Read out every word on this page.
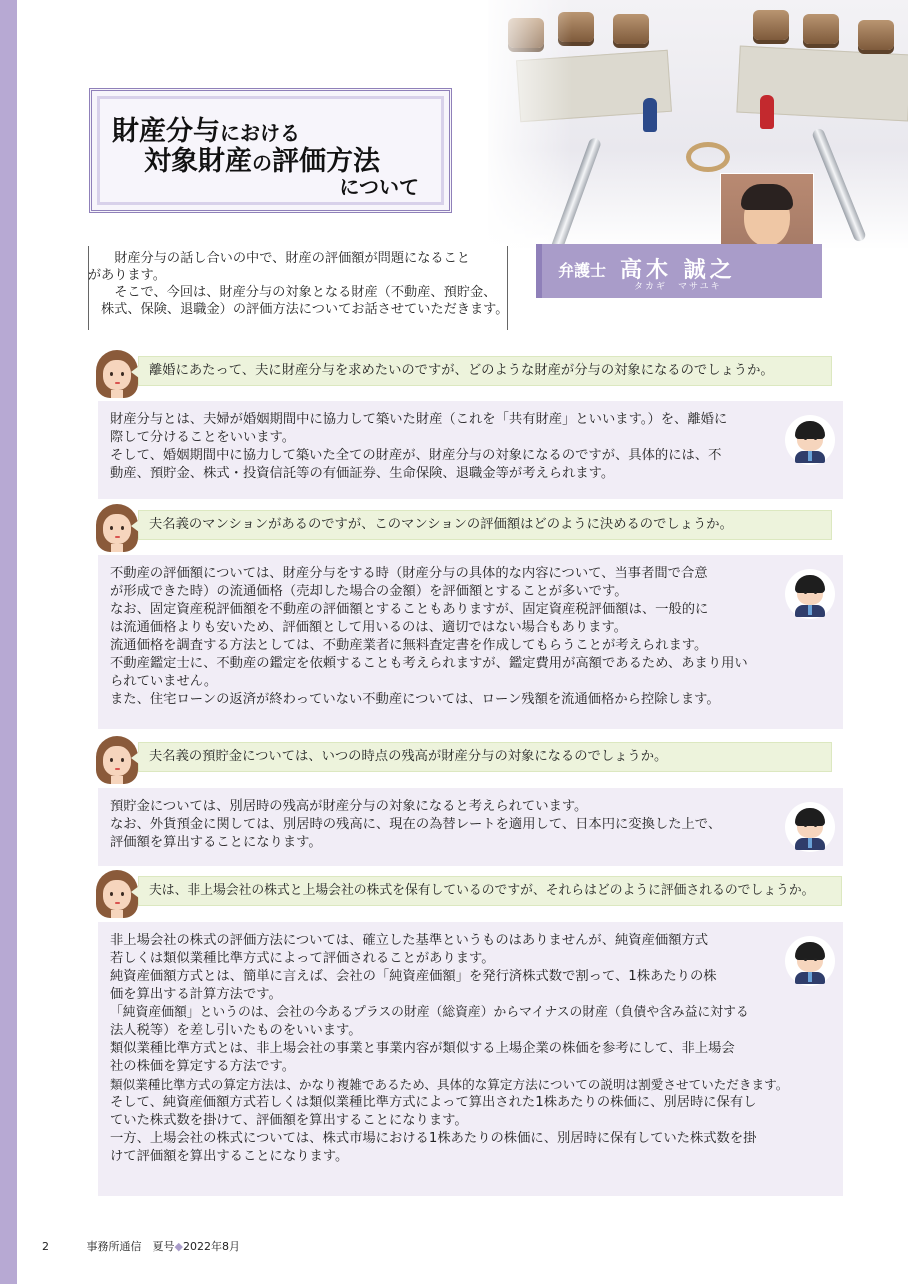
弁護士 高木 誠之
タカギ　マサユキ
財産分与における
対象財産の評価方法
について

財産分与の話し合いの中で、財産の評価額が問題になること
があります。

そこで、今回は、財産分与の対象となる財産（不動産、預貯金、
株式、保険、退職金）の評価方法についてお話させていただきます。

離婚にあたって、夫に財産分与を求めたいのですが、どのような財産が分与の対象になるのでしょうか。
財産分与とは、夫婦が婚姻期間中に協力して築いた財産（これを「共有財産」といいます。）を、離婚に
際して分けることをいいます。
そして、婚姻期間中に協力して築いた全ての財産が、財産分与の対象になるのですが、具体的には、不
動産、預貯金、株式・投資信託等の有価証券、生命保険、退職金等が考えられます。
夫名義のマンションがあるのですが、このマンションの評価額はどのように決めるのでしょうか。
不動産の評価額については、財産分与をする時（財産分与の具体的な内容について、当事者間で合意
が形成できた時）の流通価格（売却した場合の金額）を評価額とすることが多いです。
なお、固定資産税評価額を不動産の評価額とすることもありますが、固定資産税評価額は、一般的に
は流通価格よりも安いため、評価額として用いるのは、適切ではない場合もあります。
流通価格を調査する方法としては、不動産業者に無料査定書を作成してもらうことが考えられます。
不動産鑑定士に、不動産の鑑定を依頼することも考えられますが、鑑定費用が高額であるため、あまり用い
られていません。
また、住宅ローンの返済が終わっていない不動産については、ローン残額を流通価格から控除します。
夫名義の預貯金については、いつの時点の残高が財産分与の対象になるのでしょうか。
預貯金については、別居時の残高が財産分与の対象になると考えられています。
なお、外貨預金に関しては、別居時の残高に、現在の為替レートを適用して、日本円に変換した上で、
評価額を算出することになります。
夫は、非上場会社の株式と上場会社の株式を保有しているのですが、それらはどのように評価されるのでしょうか。
非上場会社の株式の評価方法については、確立した基準というものはありませんが、純資産価額方式
若しくは類似業種比準方式によって評価されることがあります。
純資産価額方式とは、簡単に言えば、会社の「純資産価額」を発行済株式数で割って、1株あたりの株
価を算出する計算方法です。
「純資産価額」というのは、会社の今あるプラスの財産（総資産）からマイナスの財産（負債や含み益に対する
法人税等）を差し引いたものをいいます。
類似業種比準方式とは、非上場会社の事業と事業内容が類似する上場企業の株価を参考にして、非上場会
社の株価を算定する方法です。
類似業種比準方式の算定方法は、かなり複雑であるため、具体的な算定方法についての説明は割愛させていただきます。
そして、純資産価額方式若しくは類似業種比準方式によって算出された1株あたりの株価に、別居時に保有し
ていた株式数を掛けて、評価額を算出することになります。
一方、上場会社の株式については、株式市場における1株あたりの株価に、別居時に保有していた株式数を掛
けて評価額を算出することになります。
2	事務所通信　夏号◆2022年8月
